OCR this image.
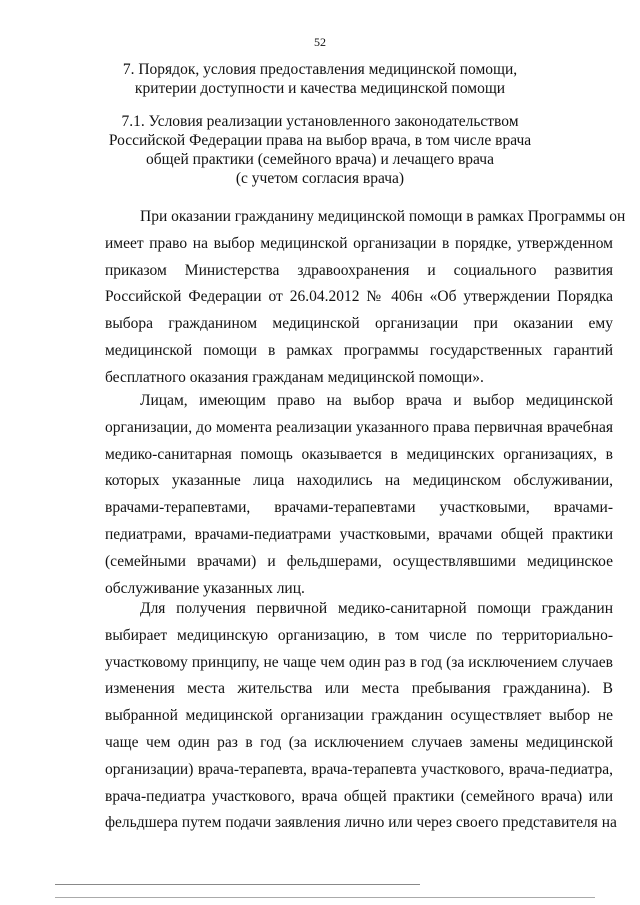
52
7. Порядок, условия предоставления медицинской помощи,
критерии доступности и качества медицинской помощи
7.1. Условия реализации установленного законодательством
Российской Федерации права на выбор врача, в том числе врача
общей практики (семейного врача) и лечащего врача
(с учетом согласия врача)
При оказании гражданину медицинской помощи в рамках Программы он
имеет право на выбор медицинской организации в порядке, утвержденном
приказом Министерства здравоохранения и социального развития
Российской Федерации от 26.04.2012 № 406н «Об утверждении Порядка
выбора гражданином медицинской организации при оказании ему
медицинской помощи в рамках программы государственных гарантий
бесплатного оказания гражданам медицинской помощи».
Лицам, имеющим право на выбор врача и выбор медицинской
организации, до момента реализации указанного права первичная врачебная
медико-санитарная помощь оказывается в медицинских организациях, в
которых указанные лица находились на медицинском обслуживании,
врачами-терапевтами, врачами-терапевтами участковыми, врачами-
педиатрами, врачами-педиатрами участковыми, врачами общей практики
(семейными врачами) и фельдшерами, осуществлявшими медицинское
обслуживание указанных лиц.
Для получения первичной медико-санитарной помощи гражданин
выбирает медицинскую организацию, в том числе по территориально-
участковому принципу, не чаще чем один раз в год (за исключением случаев
изменения места жительства или места пребывания гражданина). В
выбранной медицинской организации гражданин осуществляет выбор не
чаще чем один раз в год (за исключением случаев замены медицинской
организации) врача-терапевта, врача-терапевта участкового, врача-педиатра,
врача-педиатра участкового, врача общей практики (семейного врача) или
фельдшера путем подачи заявления лично или через своего представителя на
